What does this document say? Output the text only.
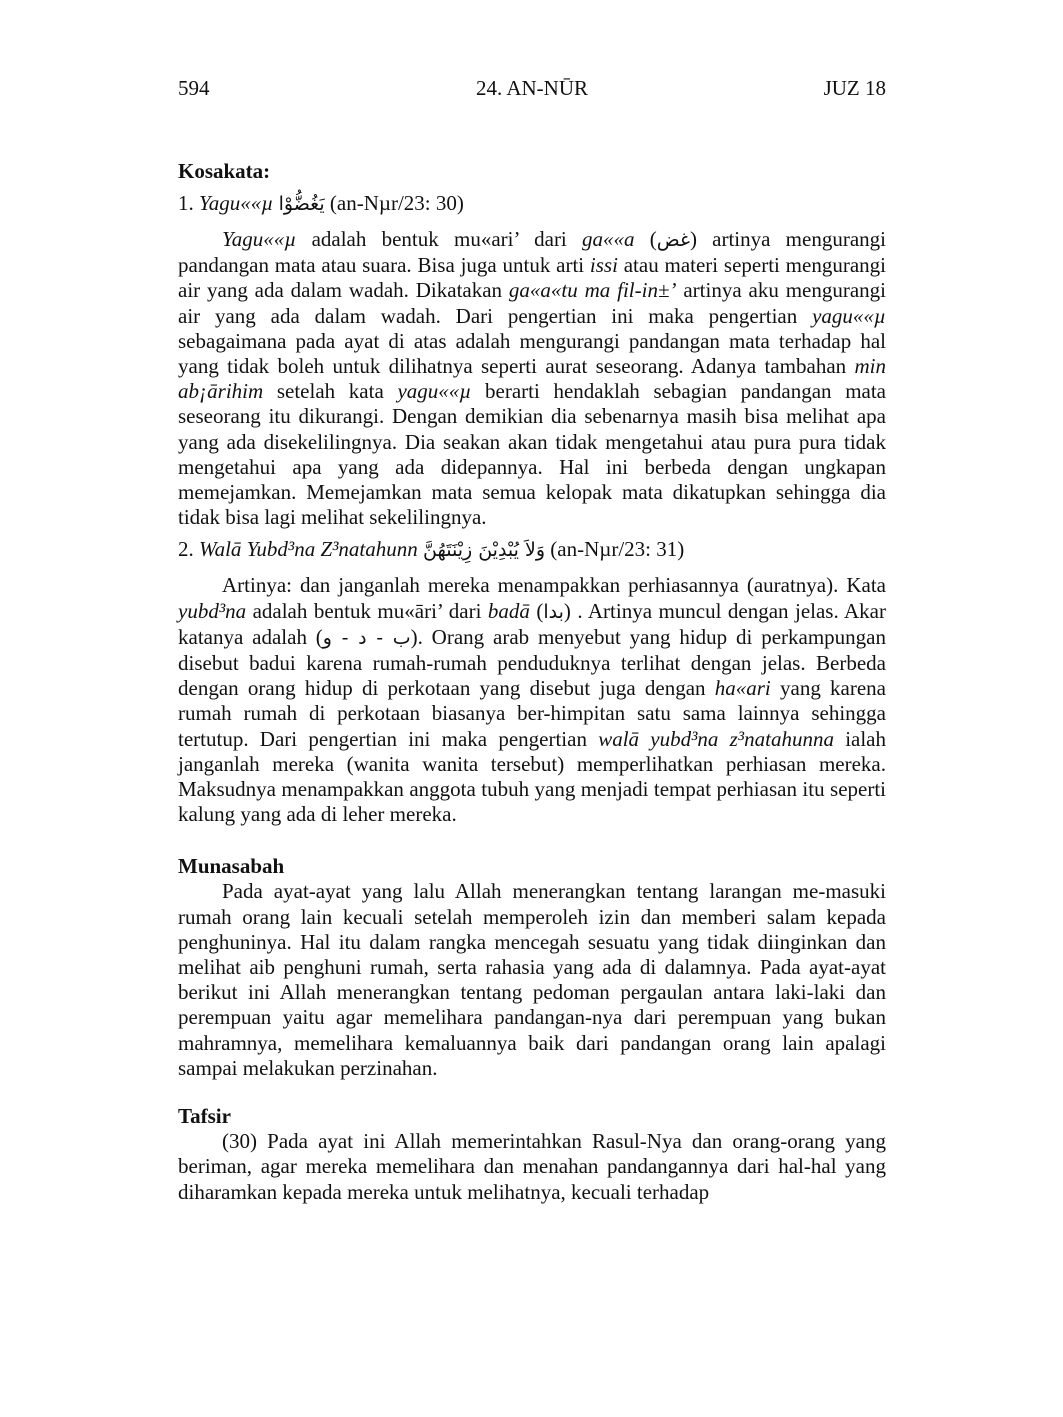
594	24. AN-NŪR	JUZ 18
Kosakata:
1. Yagu««µ يَغُضُّوْا (an-Nµr/23: 30)

Yagu««µ adalah bentuk mu«ari’ dari ga««a (غض) artinya mengurangi pandangan mata atau suara. Bisa juga untuk arti issi atau materi seperti mengurangi air yang ada dalam wadah. Dikatakan ga«a«tu ma fil-in±’ artinya aku mengurangi air yang ada dalam wadah. Dari pengertian ini maka pengertian yagu««µ sebagaimana pada ayat di atas adalah mengurangi pandangan mata terhadap hal yang tidak boleh untuk dilihatnya seperti aurat seseorang. Adanya tambahan min ab¡ārihim setelah kata yagu««µ berarti hendaklah sebagian pandangan mata seseorang itu dikurangi. Dengan demikian dia sebenarnya masih bisa melihat apa yang ada disekelilingnya. Dia seakan akan tidak mengetahui atau pura pura tidak mengetahui apa yang ada didepannya. Hal ini berbeda dengan ungkapan memejamkan. Memejamkan mata semua kelopak mata dikatupkan sehingga dia tidak bisa lagi melihat sekelilingnya.

2. Walā Yubd³na Z³natahunn وَلاَ يُبْدِيْنَ زِيْنَتَهُنَّ (an-Nµr/23: 31)

Artinya: dan janganlah mereka menampakkan perhiasannya (auratnya). Kata yubd³na adalah bentuk mu«āri’ dari badā (بدا) . Artinya muncul dengan jelas. Akar katanya adalah (ب - د - و). Orang arab menyebut yang hidup di perkampungan disebut badui karena rumah-rumah penduduknya terlihat dengan jelas. Berbeda dengan orang hidup di perkotaan yang disebut juga dengan ha«ari yang karena rumah rumah di perkotaan biasanya ber-himpitan satu sama lainnya sehingga tertutup. Dari pengertian ini maka pengertian walā yubd³na z³natahunna ialah janganlah mereka (wanita wanita tersebut) memperlihatkan perhiasan mereka. Maksudnya menampakkan anggota tubuh yang menjadi tempat perhiasan itu seperti kalung yang ada di leher mereka.

Munasabah

Pada ayat-ayat yang lalu Allah menerangkan tentang larangan me-masuki rumah orang lain kecuali setelah memperoleh izin dan memberi salam kepada penghuninya. Hal itu dalam rangka mencegah sesuatu yang tidak diinginkan dan melihat aib penghuni rumah, serta rahasia yang ada di dalamnya. Pada ayat-ayat berikut ini Allah menerangkan tentang pedoman pergaulan antara laki-laki dan perempuan yaitu agar memelihara pandangan-nya dari perempuan yang bukan mahramnya, memelihara kemaluannya baik dari pandangan orang lain apalagi sampai melakukan perzinahan.

Tafsir

(30) Pada ayat ini Allah memerintahkan Rasul-Nya dan orang-orang yang beriman, agar mereka memelihara dan menahan pandangannya dari hal-hal yang diharamkan kepada mereka untuk melihatnya, kecuali terhadap
